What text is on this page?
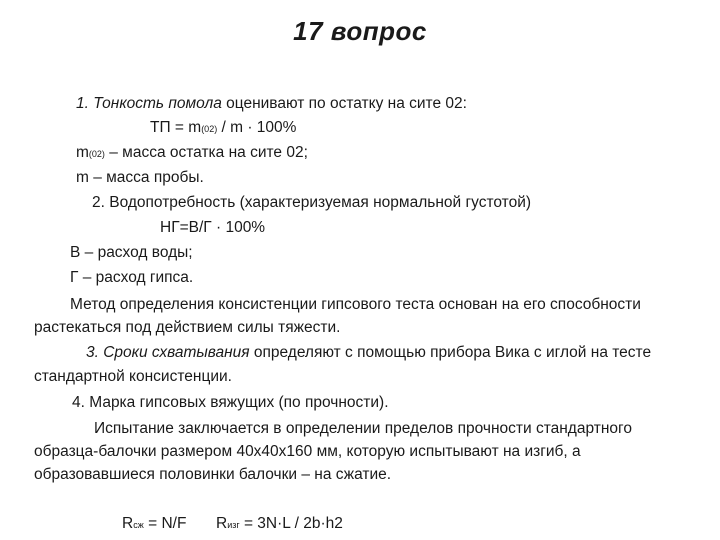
17 вопрос
1. Тонкость помола оценивают по остатку на сите 02:
ТП = m(02) / m · 100%
m(02) – масса остатка на сите 02;
m – масса пробы.
2. Водопотребность (характеризуемая нормальной густотой)
НГ=В/Г · 100%
В – расход воды;
Г – расход гипса.
Метод определения консистенции гипсового теста основан на его способности
растекаться под действием силы тяжести.
3. Сроки схватывания определяют с помощью прибора Вика с иглой на тесте
стандартной консистенции.
4. Марка гипсовых вяжущих (по прочности).
Испытание заключается в определении пределов прочности стандартного
образца-балочки размером 40х40х160 мм, которую испытывают на изгиб, а
образовавшиеся половинки балочки – на сжатие.
Rсж = N/F Rизг = 3N·L / 2b·h2
